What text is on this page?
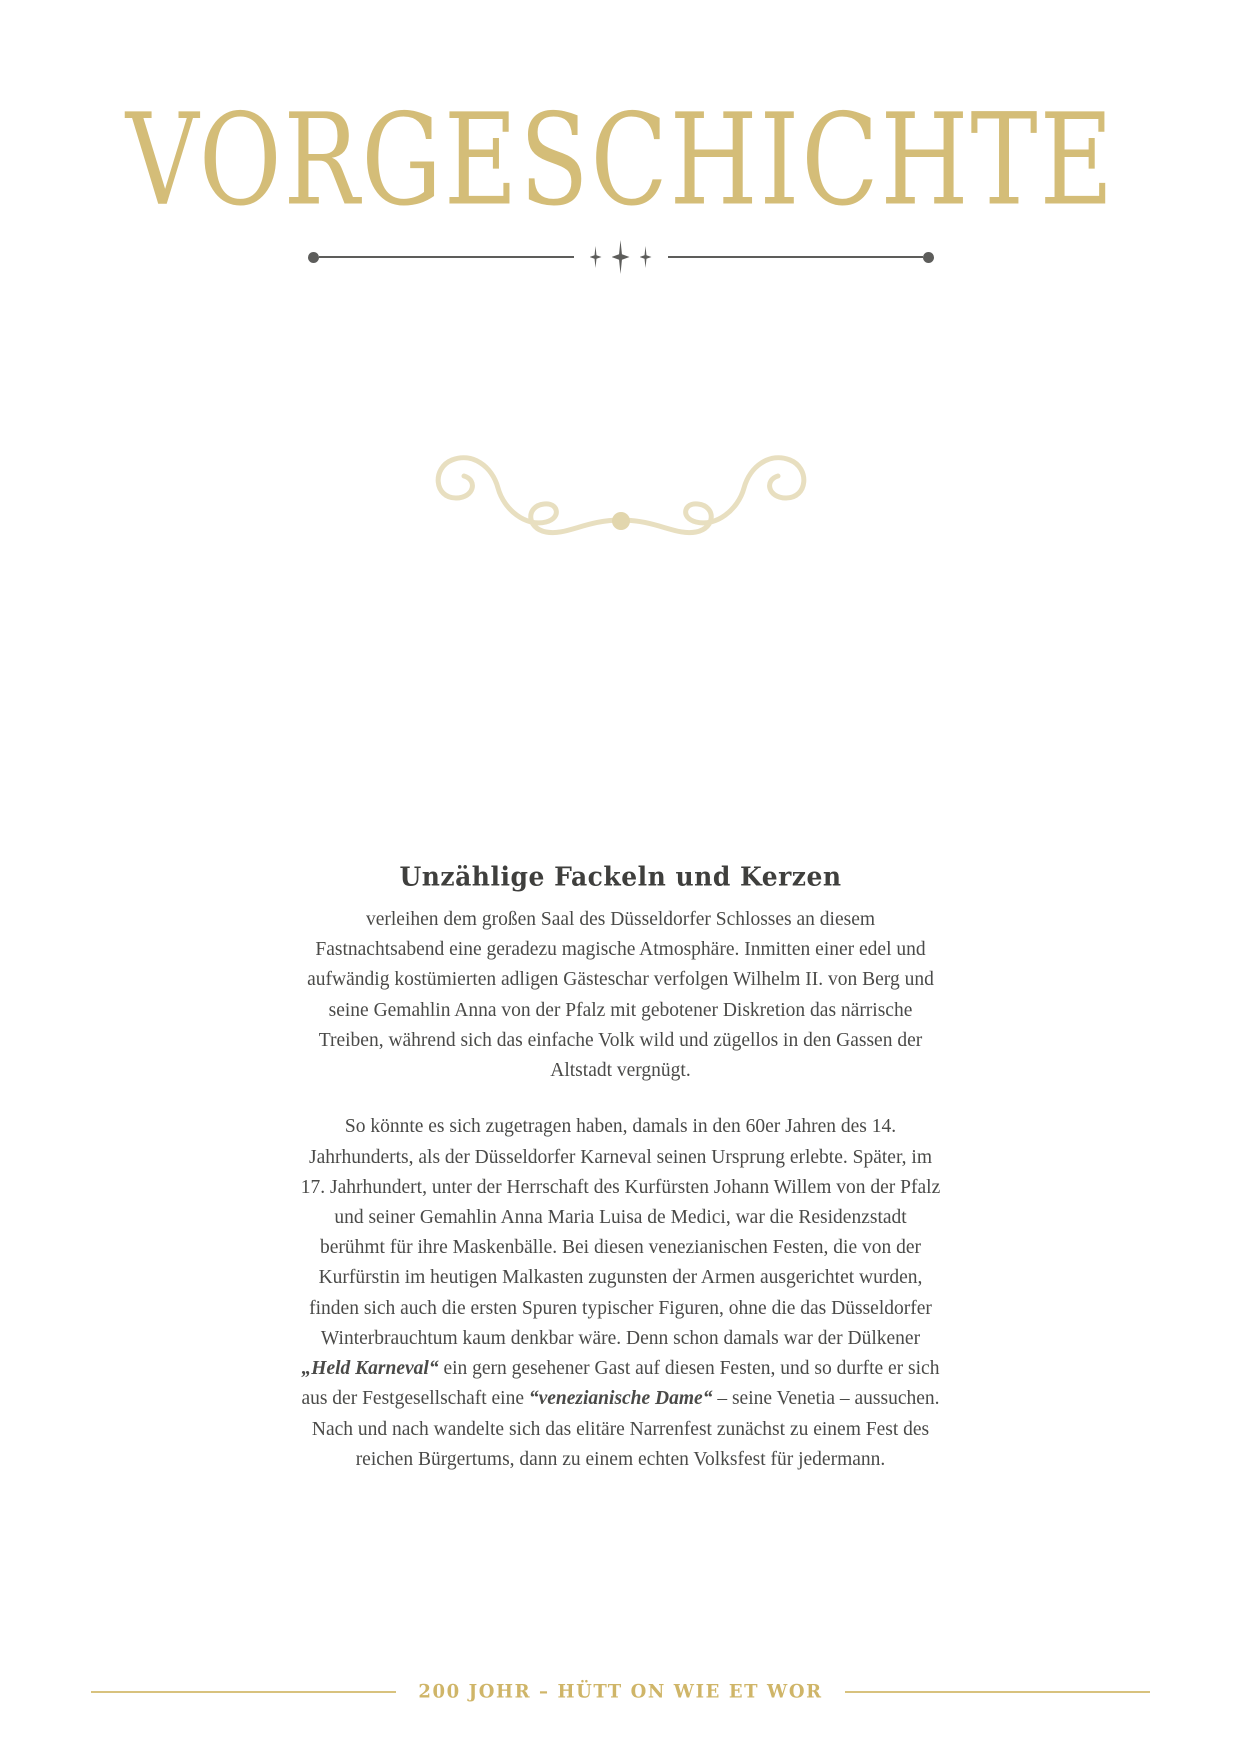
VORGESCHICHTE
Unzählige Fackeln und Kerzen

verleihen dem großen Saal des Düsseldorfer Schlosses an diesem Fastnachtsabend eine geradezu magische Atmosphäre. Inmitten einer edel und aufwändig kostümierten adligen Gästeschar verfolgen Wilhelm II. von Berg und seine Gemahlin Anna von der Pfalz mit gebotener Diskretion das närrische Treiben, während sich das einfache Volk wild und zügellos in den Gassen der Altstadt vergnügt.

So könnte es sich zugetragen haben, damals in den 60er Jahren des 14. Jahrhunderts, als der Düsseldorfer Karneval seinen Ursprung erlebte. Später, im 17. Jahrhundert, unter der Herrschaft des Kurfürsten Johann Willem von der Pfalz und seiner Gemahlin Anna Maria Luisa de Medici, war die Residenzstadt berühmt für ihre Maskenbälle. Bei diesen venezianischen Festen, die von der Kurfürstin im heutigen Malkasten zugunsten der Armen ausgerichtet wurden, finden sich auch die ersten Spuren typischer Figuren, ohne die das Düsseldorfer Winterbrauchtum kaum denkbar wäre. Denn schon damals war der Dülkener „Held Karneval“ ein gern gesehener Gast auf diesen Festen, und so durfte er sich aus der Festgesellschaft eine “venezianische Dame“ – seine Venetia – aussuchen. Nach und nach wandelte sich das elitäre Narrenfest zunächst zu einem Fest des reichen Bürgertums, dann zu einem echten Volksfest für jedermann.

200 JOHR – HÜTT ON WIE ET WOR
